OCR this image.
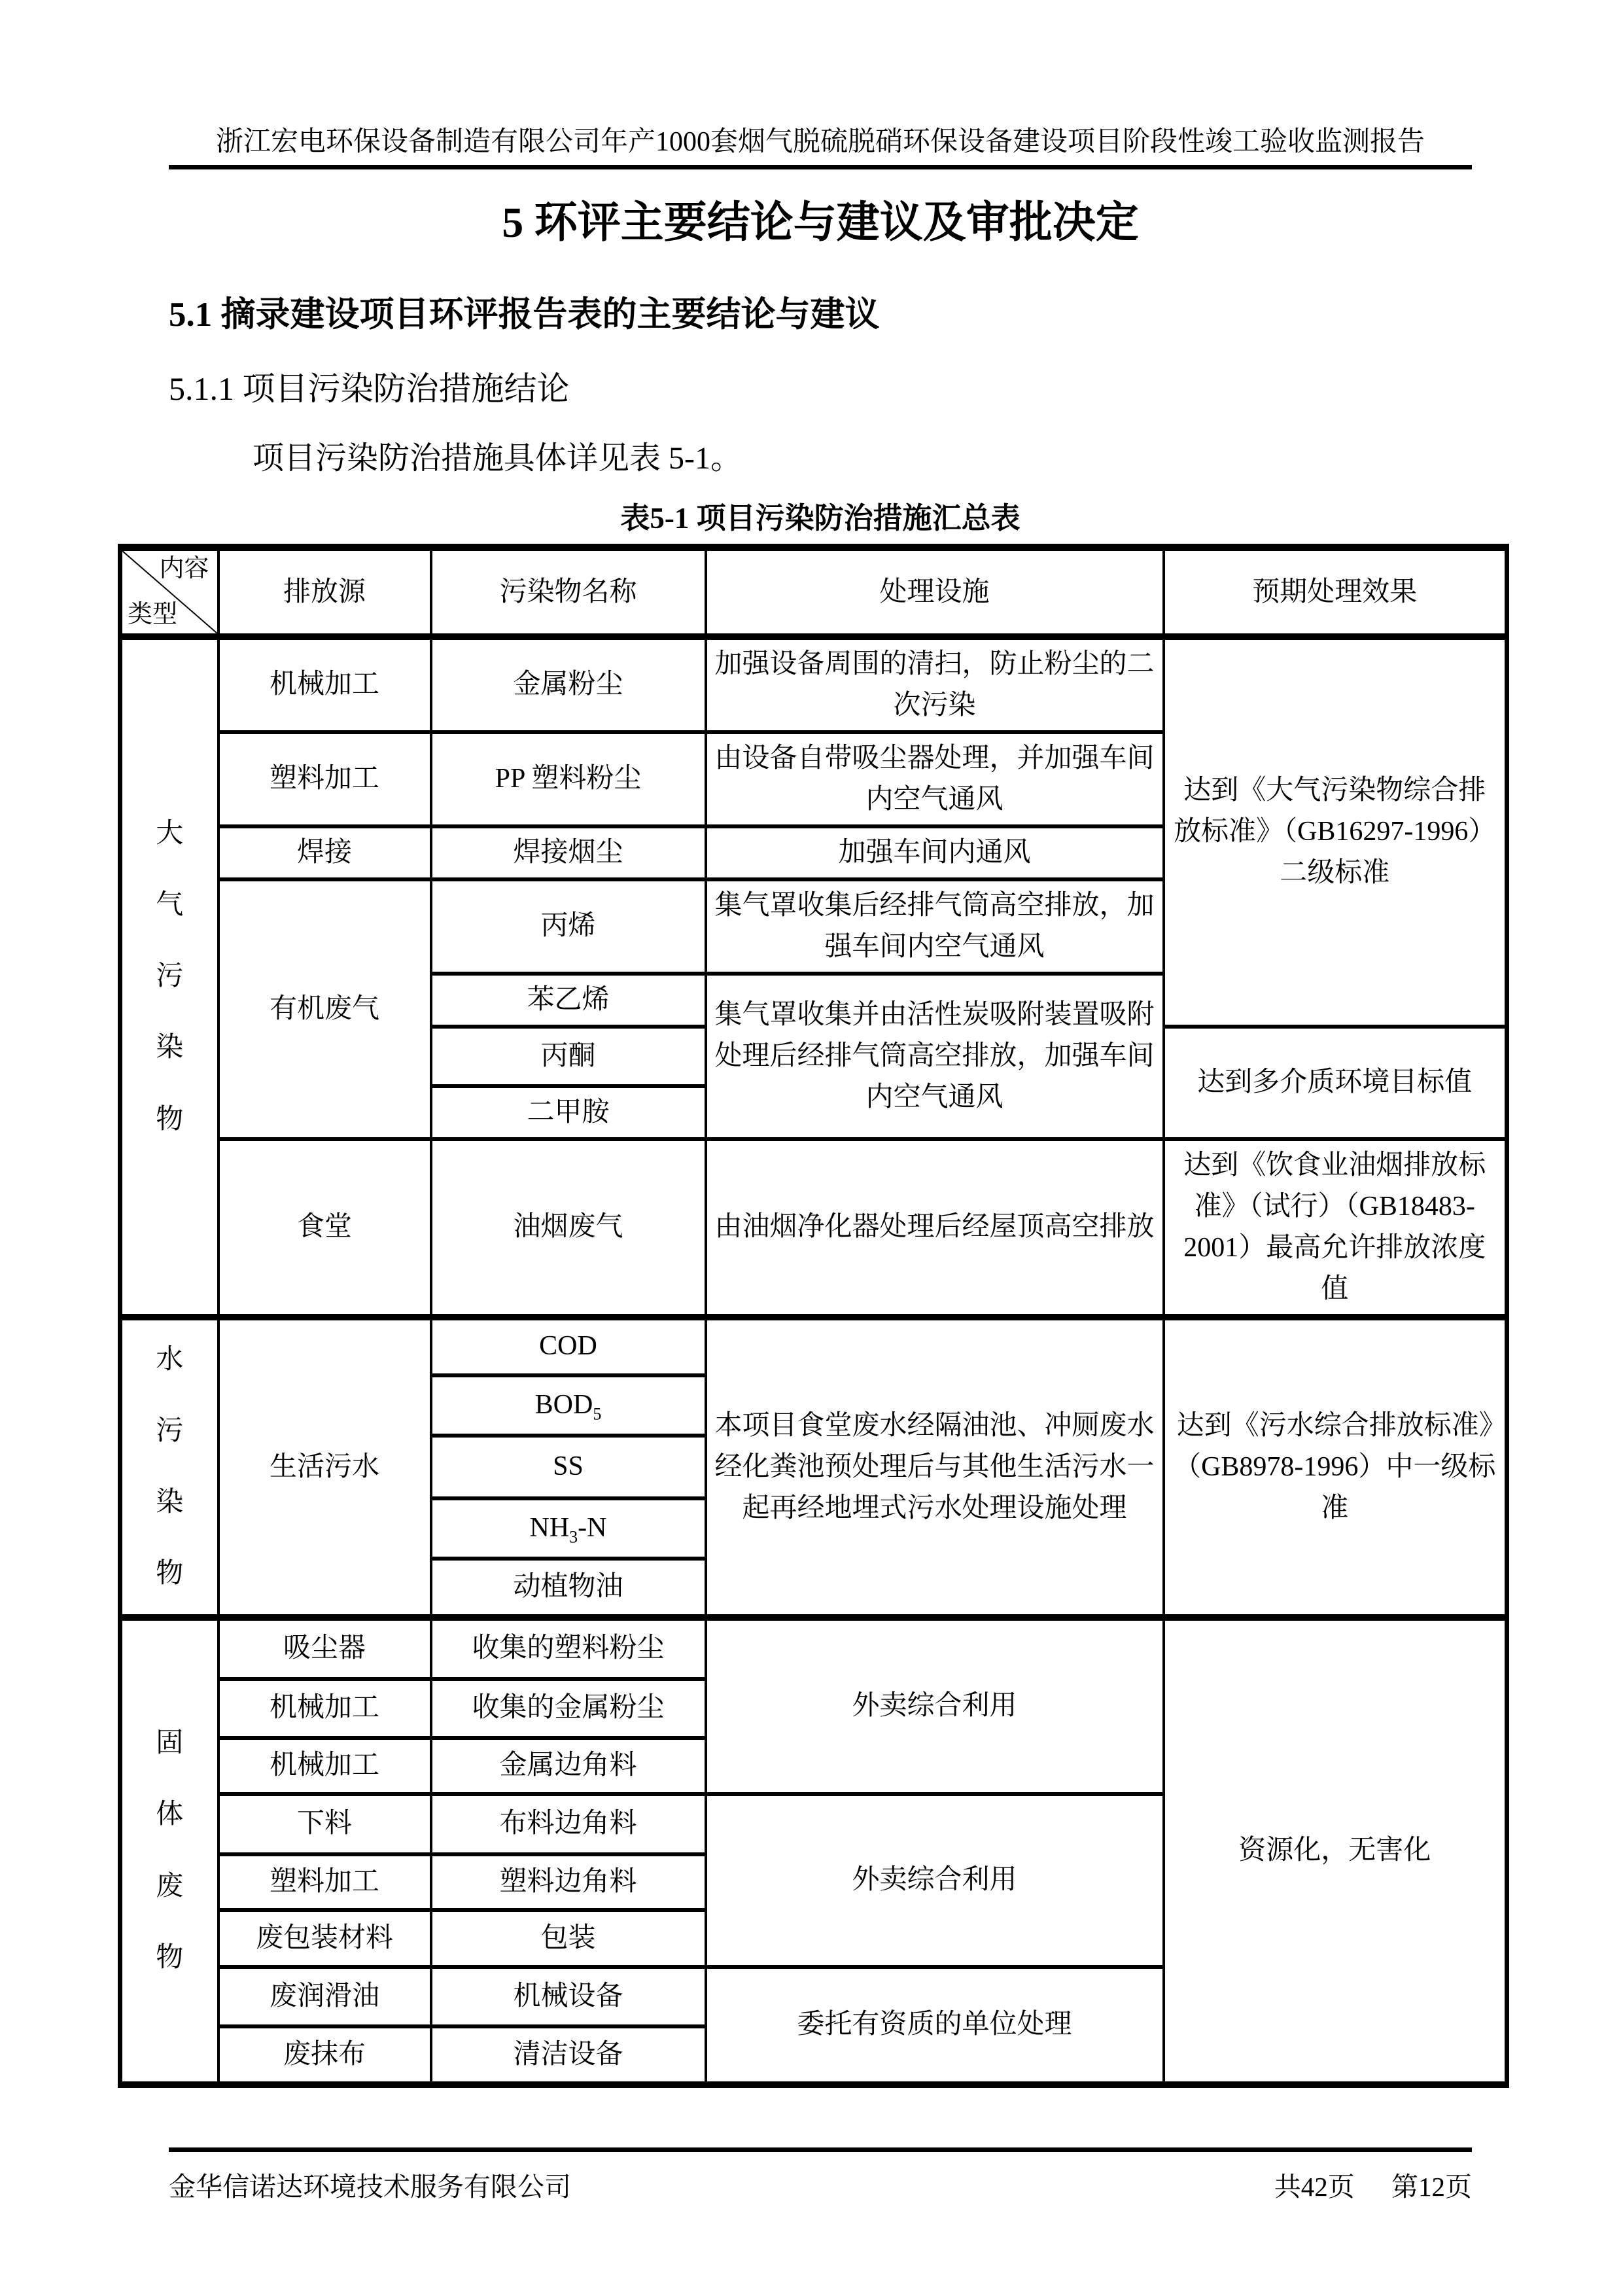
浙江宏电环保设备制造有限公司年产1000套烟气脱硫脱硝环保设备建设项目阶段性竣工验收监测报告
5 环评主要结论与建议及审批决定
5.1 摘录建设项目环评报告表的主要结论与建议
5.1.1 项目污染防治措施结论

项目污染防治措施具体详见表 5-1。

表5-1 项目污染防治措施汇总表
内容
类型	排放源	污染物名称	处理设施	预期处理效果

大
气
污
染
物	机械加工	金属粉尘	加强设备周围的清扫，防止粉尘的二次污染	达到《大气污染物综合排放标准》（GB16297-1996）二级标准
	塑料加工	PP 塑料粉尘	由设备自带吸尘器处理，并加强车间内空气通风	
	焊接	焊接烟尘	加强车间内通风	
	有机废气	丙烯	集气罩收集后经排气筒高空排放，加强车间内空气通风	
		苯乙烯	集气罩收集并由活性炭吸附装置吸附处理后经排气筒高空排放，加强车间内空气通风	
		丙酮		达到多介质环境目标值
		二甲胺		
	食堂	油烟废气	由油烟净化器处理后经屋顶高空排放	达到《饮食业油烟排放标准》（试行）（GB18483-2001）最高允许排放浓度值

水
污
染
物	生活污水	COD	本项目食堂废水经隔油池、冲厕废水经化粪池预处理后与其他生活污水一起再经地埋式污水处理设施处理	达到《污水综合排放标准》（GB8978-1996）中一级标准
		$BOD_5$
		SS		
		$NH_3-N$		
		动植物油		

固
体
废
物	吸尘器	收集的塑料粉尘	外卖综合利用	资源化，无害化
	机械加工	收集的金属粉尘		
	机械加工	金属边角料		
	下料	布料边角料	外卖综合利用	
	塑料加工	塑料边角料		
	废包装材料	包装		
	废润滑油	机械设备	委托有资质的单位处理	
	废抹布	清洁设备		
金华信诺达环境技术服务有限公司	共42页 第12页
